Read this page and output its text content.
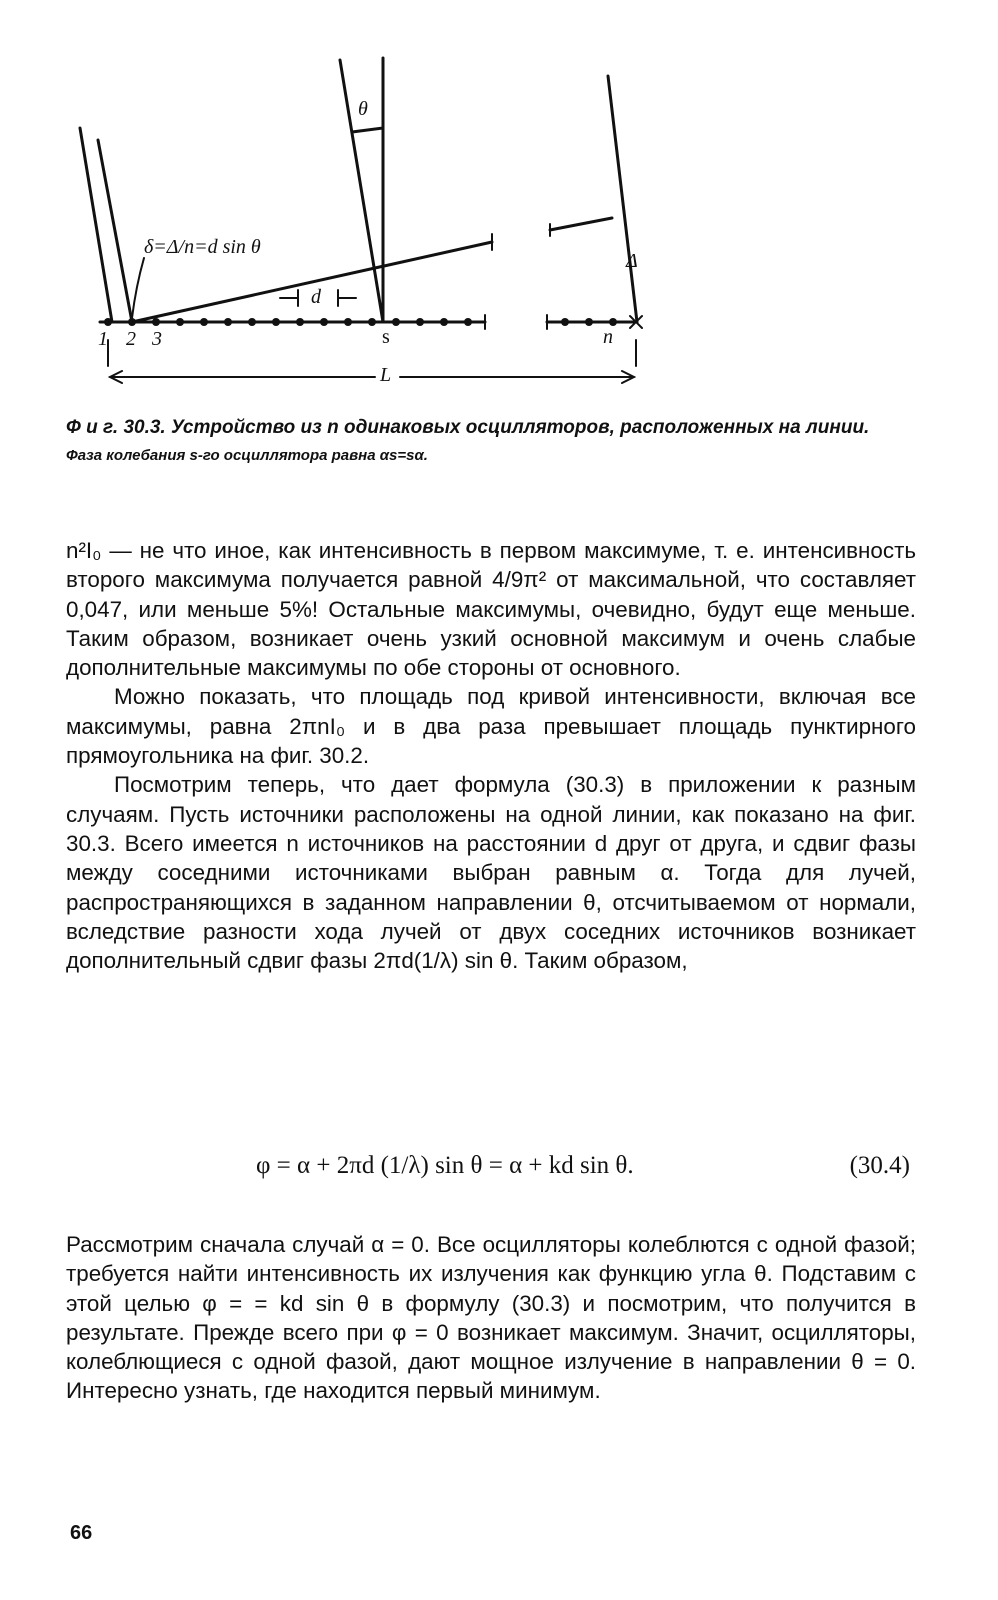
θ
δ=Δ/n=d sin θ
d
s	n
Δ
L
1 2 3
Ф и г. 30.3. Устройство из n одинаковых осцилляторов, расположенных на линии.
Фаза колебания s-го осциллятора равна αs=sα.

n²I₀ — не что иное, как интенсивность в первом максимуме, т. е. интенсивность второго максимума получается равной 4/9π² от максимальной, что составляет 0,047, или меньше 5%! Остальные максимумы, очевидно, будут еще меньше. Таким образом, возникает очень узкий основной максимум и очень слабые дополнительные максимумы по обе стороны от основного.

Можно показать, что площадь под кривой интенсивности, включая все максимумы, равна 2πnI₀ и в два раза превышает площадь пунктирного прямоугольника на фиг. 30.2.

Посмотрим теперь, что дает формула (30.3) в приложении к разным случаям. Пусть источники расположены на одной линии, как показано на фиг. 30.3. Всего имеется n источников на расстоянии d друг от друга, и сдвиг фазы между соседними источниками выбран равным α. Тогда для лучей, распространяющихся в заданном направлении θ, отсчитываемом от нормали, вследствие разности хода лучей от двух соседних источников возникает дополнительный сдвиг фазы 2πd(1/λ) sin θ. Таким образом,

φ = α + 2πd (1/λ) sin θ = α + kd sin θ.	(30.4)
Рассмотрим сначала случай α = 0. Все осцилляторы колеблются с одной фазой; требуется найти интенсивность их излучения как функцию угла θ. Подставим с этой целью φ = = kd sin θ в формулу (30.3) и посмотрим, что получится в результате. Прежде всего при φ = 0 возникает максимум. Значит, осцилляторы, колеблющиеся с одной фазой, дают мощное излучение в направлении θ = 0. Интересно узнать, где находится первый минимум.
66
